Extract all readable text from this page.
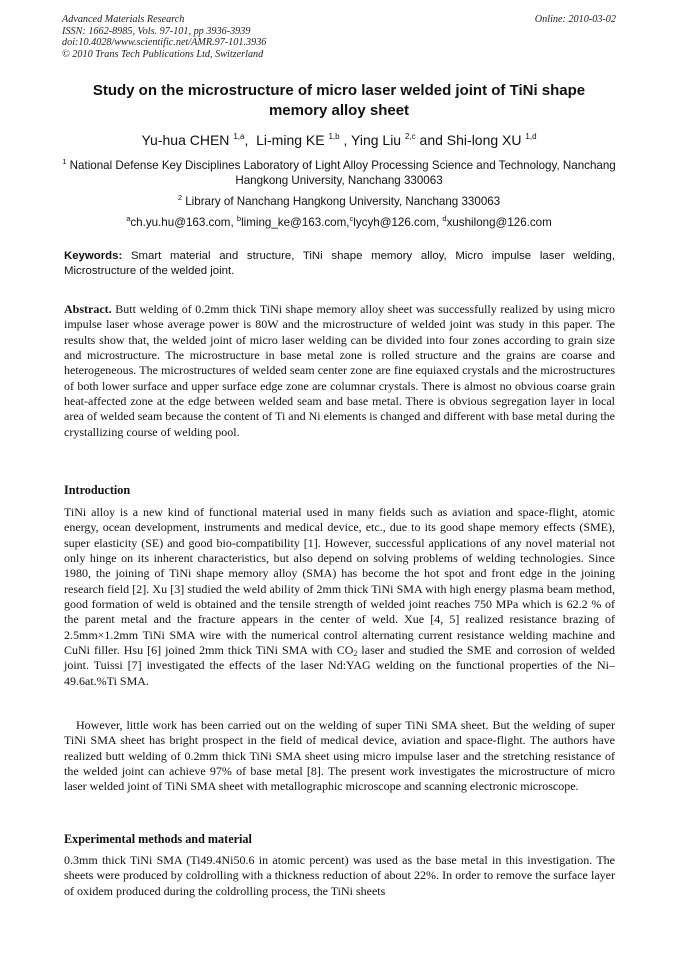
Advanced Materials Research
ISSN: 1662-8985, Vols. 97-101, pp 3936-3939
doi:10.4028/www.scientific.net/AMR.97-101.3936
© 2010 Trans Tech Publications Ltd, Switzerland
Online: 2010-03-02
Study on the microstructure of micro laser welded joint of TiNi shape memory alloy sheet
Yu-hua CHEN $^{1,a}$, Li-ming KE $^{1,b}$ , Ying Liu $^{2,c}$ and Shi-long XU $^{1,d}$
$^1$ National Defense Key Disciplines Laboratory of Light Alloy Processing Science and Technology, Nanchang Hangkong University, Nanchang 330063
$^2$ Library of Nanchang Hangkong University, Nanchang 330063
$^a$ch.yu.hu@163.com, $^b$liming_ke@163.com,$^c$lycyh@126.com, $^d$xushilong@126.com
Keywords: Smart material and structure, TiNi shape memory alloy, Micro impulse laser welding, Microstructure of the welded joint.

Abstract. Butt welding of 0.2mm thick TiNi shape memory alloy sheet was successfully realized by using micro impulse laser whose average power is 80W and the microstructure of welded joint was study in this paper. The results show that, the welded joint of micro laser welding can be divided into four zones according to grain size and microstructure. The microstructure in base metal zone is rolled structure and the grains are coarse and heterogeneous. The microstructures of welded seam center zone are fine equiaxed crystals and the microstructures of both lower surface and upper surface edge zone are columnar crystals. There is almost no obvious coarse grain heat-affected zone at the edge between welded seam and base metal. There is obvious segregation layer in local area of welded seam because the content of Ti and Ni elements is changed and different with base metal during the crystallizing course of welding pool.

Introduction

TiNi alloy is a new kind of functional material used in many fields such as aviation and space-flight, atomic energy, ocean development, instruments and medical device, etc., due to its good shape memory effects (SME), super elasticity (SE) and good bio-compatibility [1]. However, successful applications of any novel material not only hinge on its inherent characteristics, but also depend on solving problems of welding technologies. Since 1980, the joining of TiNi shape memory alloy (SMA) has become the hot spot and front edge in the joining research field [2]. Xu [3] studied the weld ability of 2mm thick TiNi SMA with high energy plasma beam method, good formation of weld is obtained and the tensile strength of welded joint reaches 750 MPa which is 62.2 % of the parent metal and the fracture appears in the center of weld. Xue [4, 5] realized resistance brazing of 2.5mm×1.2mm TiNi SMA wire with the numerical control alternating current resistance welding machine and CuNi filler. Hsu [6] joined 2mm thick TiNi SMA with $CO_2$ laser and studied the SME and corrosion of welded joint. Tuissi [7] investigated the effects of the laser Nd:YAG welding on the functional properties of the Ni–49.6at.%Ti SMA.

However, little work has been carried out on the welding of super TiNi SMA sheet. But the welding of super TiNi SMA sheet has bright prospect in the field of medical device, aviation and space-flight. The authors have realized butt welding of 0.2mm thick TiNi SMA sheet using micro impulse laser and the stretching resistance of the welded joint can achieve 97% of base metal [8]. The present work investigates the microstructure of micro laser welded joint of TiNi SMA sheet with metallographic microscope and scanning electronic microscope.

Experimental methods and material

0.3mm thick TiNi SMA (Ti49.4Ni50.6 in atomic percent) was used as the base metal in this investigation. The sheets were produced by coldrolling with a thickness reduction of about 22%. In order to remove the surface layer of oxidem produced during the coldrolling process, the TiNi sheets
